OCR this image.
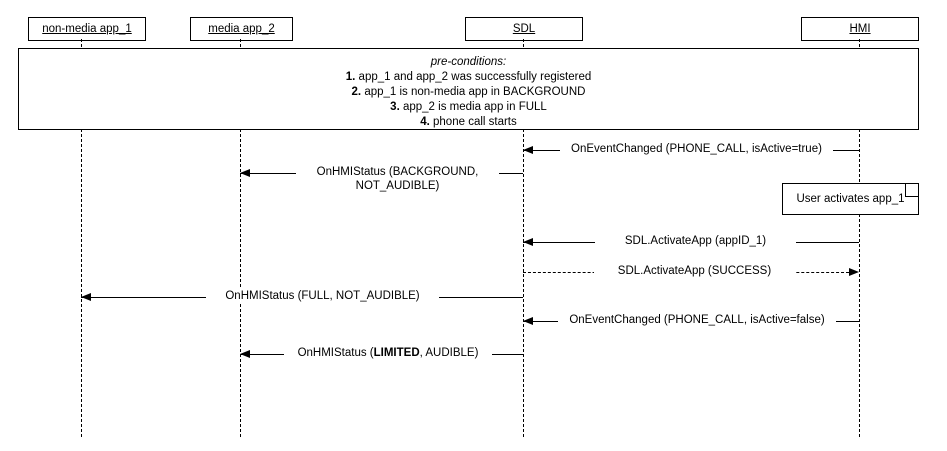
non-media app_1	media app_2	SDL	HMI
pre-conditions:
1. app_1 and app_2 was successfully registered
2. app_1 is non-media app in BACKGROUND
3. app_2 is media app in FULL
4. phone call starts
OnEventChanged (PHONE_CALL, isActive=true)
OnHMIStatus (BACKGROUND,
NOT_AUDIBLE)
User activates app_1
SDL.ActivateApp (appID_1)
SDL.ActivateApp (SUCCESS)
OnHMIStatus (FULL, NOT_AUDIBLE)
OnEventChanged (PHONE_CALL, isActive=false)
OnHMIStatus (LIMITED, AUDIBLE)
